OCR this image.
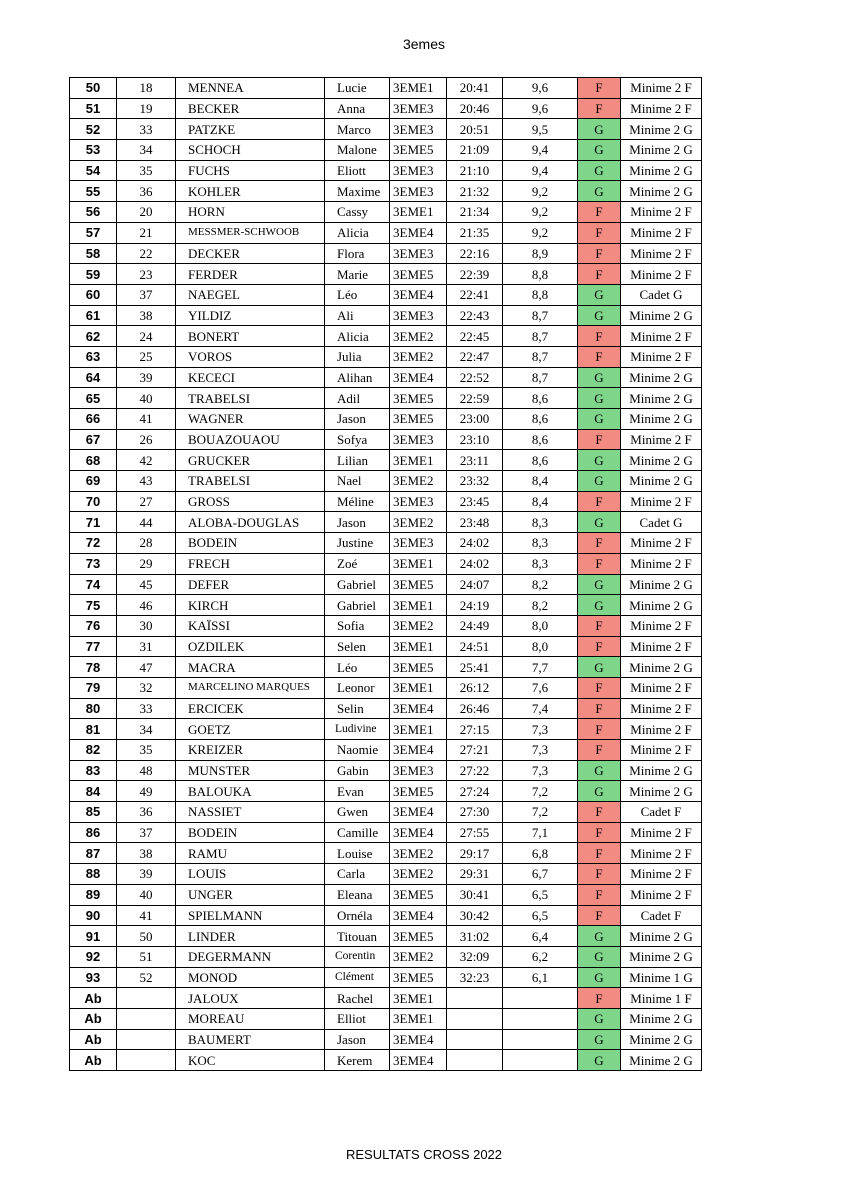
3emes
50	18	MENNEA	Lucie	3EME1	20:41	9,6	F	Minime 2 F
51	19	BECKER	Anna	3EME3	20:46	9,6	F	Minime 2 F
52	33	PATZKE	Marco	3EME3	20:51	9,5	G	Minime 2 G
53	34	SCHOCH	Malone	3EME5	21:09	9,4	G	Minime 2 G
54	35	FUCHS	Eliott	3EME3	21:10	9,4	G	Minime 2 G
55	36	KOHLER	Maxime	3EME3	21:32	9,2	G	Minime 2 G
56	20	HORN	Cassy	3EME1	21:34	9,2	F	Minime 2 F
57	21	MESSMER-SCHWOOB	Alicia	3EME4	21:35	9,2	F	Minime 2 F
58	22	DECKER	Flora	3EME3	22:16	8,9	F	Minime 2 F
59	23	FERDER	Marie	3EME5	22:39	8,8	F	Minime 2 F
60	37	NAEGEL	Léo	3EME4	22:41	8,8	G	Cadet G
61	38	YILDIZ	Ali	3EME3	22:43	8,7	G	Minime 2 G
62	24	BONERT	Alicia	3EME2	22:45	8,7	F	Minime 2 F
63	25	VOROS	Julia	3EME2	22:47	8,7	F	Minime 2 F
64	39	KECECI	Alihan	3EME4	22:52	8,7	G	Minime 2 G
65	40	TRABELSI	Adil	3EME5	22:59	8,6	G	Minime 2 G
66	41	WAGNER	Jason	3EME5	23:00	8,6	G	Minime 2 G
67	26	BOUAZOUAOU	Sofya	3EME3	23:10	8,6	F	Minime 2 F
68	42	GRUCKER	Lilian	3EME1	23:11	8,6	G	Minime 2 G
69	43	TRABELSI	Nael	3EME2	23:32	8,4	G	Minime 2 G
70	27	GROSS	Méline	3EME3	23:45	8,4	F	Minime 2 F
71	44	ALOBA-DOUGLAS	Jason	3EME2	23:48	8,3	G	Cadet G
72	28	BODEIN	Justine	3EME3	24:02	8,3	F	Minime 2 F
73	29	FRECH	Zoé	3EME1	24:02	8,3	F	Minime 2 F
74	45	DEFER	Gabriel	3EME5	24:07	8,2	G	Minime 2 G
75	46	KIRCH	Gabriel	3EME1	24:19	8,2	G	Minime 2 G
76	30	KAÏSSI	Sofia	3EME2	24:49	8,0	F	Minime 2 F
77	31	OZDILEK	Selen	3EME1	24:51	8,0	F	Minime 2 F
78	47	MACRA	Léo	3EME5	25:41	7,7	G	Minime 2 G
79	32	MARCELINO MARQUES	Leonor	3EME1	26:12	7,6	F	Minime 2 F
80	33	ERCICEK	Selin	3EME4	26:46	7,4	F	Minime 2 F
81	34	GOETZ	Ludivine	3EME1	27:15	7,3	F	Minime 2 F
82	35	KREIZER	Naomie	3EME4	27:21	7,3	F	Minime 2 F
83	48	MUNSTER	Gabin	3EME3	27:22	7,3	G	Minime 2 G
84	49	BALOUKA	Evan	3EME5	27:24	7,2	G	Minime 2 G
85	36	NASSIET	Gwen	3EME4	27:30	7,2	F	Cadet F
86	37	BODEIN	Camille	3EME4	27:55	7,1	F	Minime 2 F
87	38	RAMU	Louise	3EME2	29:17	6,8	F	Minime 2 F
88	39	LOUIS	Carla	3EME2	29:31	6,7	F	Minime 2 F
89	40	UNGER	Eleana	3EME5	30:41	6,5	F	Minime 2 F
90	41	SPIELMANN	Ornéla	3EME4	30:42	6,5	F	Cadet F
91	50	LINDER	Titouan	3EME5	31:02	6,4	G	Minime 2 G
92	51	DEGERMANN	Corentin	3EME2	32:09	6,2	G	Minime 2 G
93	52	MONOD	Clément	3EME5	32:23	6,1	G	Minime 1 G
Ab		JALOUX	Rachel	3EME1			F	Minime 1 F
Ab		MOREAU	Elliot	3EME1			G	Minime 2 G
Ab		BAUMERT	Jason	3EME4			G	Minime 2 G
Ab		KOC	Kerem	3EME4			G	Minime 2 G
RESULTATS CROSS 2022
